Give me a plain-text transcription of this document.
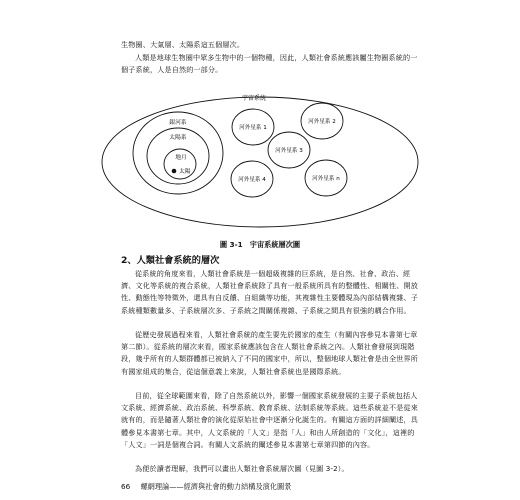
生物圈、大氣層、太陽系這五個層次。

人類是地球生物圈中眾多生物中的一個物種，因此，人類社會系統應該屬生物圈系統的一個子系統，人是自然的一部分。

宇宙系統
銀河系
太陽系
地月
太陽
河外星系 1
河外星系 2
河外星系 3
河外星系 4	河外星系 n
圖 3-1　宇宙系統層次圖
2、人類社會系統的層次

從系統的角度來看，人類社會系統是一個超級複雜的巨系統，是自然、社會、政治、經濟、文化等系統的複合系統，人類社會系統除了具有一般系統所具有的整體性、相關性、開放性、動態性等特徵外，還具有自反饋、自組織等功能，其複雜性主要體現為內部結構複雜、子系統種類數量多、子系統層次多、子系統之間關係複雜、子系統之間具有很強的耦合作用。

從歷史發展過程來看，人類社會系統的產生要先於國家的產生（有關內容參見本書第七章第二節）。從系統的層次來看，國家系統應該包含在人類社會系統之內。人類社會發展到現階段，幾乎所有的人類群體都已被納入了不同的國家中，所以，整個地球人類社會是由全世界所有國家組成的集合，從這個意義上來說，人類社會系統也是國際系統。

目前，從全球範圍來看，除了自然系統以外，影響一個國家系統發展的主要子系統包括人文系統、經濟系統、政治系統、科學系統、教育系統、法制系統等系統。這些系統並不是從來就有的，而是隨著人類社會的演化從原始社會中逐漸分化誕生的。有關這方面的詳細闡述，具體參見本書第七章。其中，人文系統的「人文」是指「人」和由人所創造的「文化」，這裡的「人文」一詞是個複合詞。有關人文系統的闡述參見本書第七章第四節的內容。

為便於讀者理解，我們可以畫出人類社會系統層次圖（見圖 3-2）。

66 螺網理論——經濟與社會的動力結構及演化圖景
